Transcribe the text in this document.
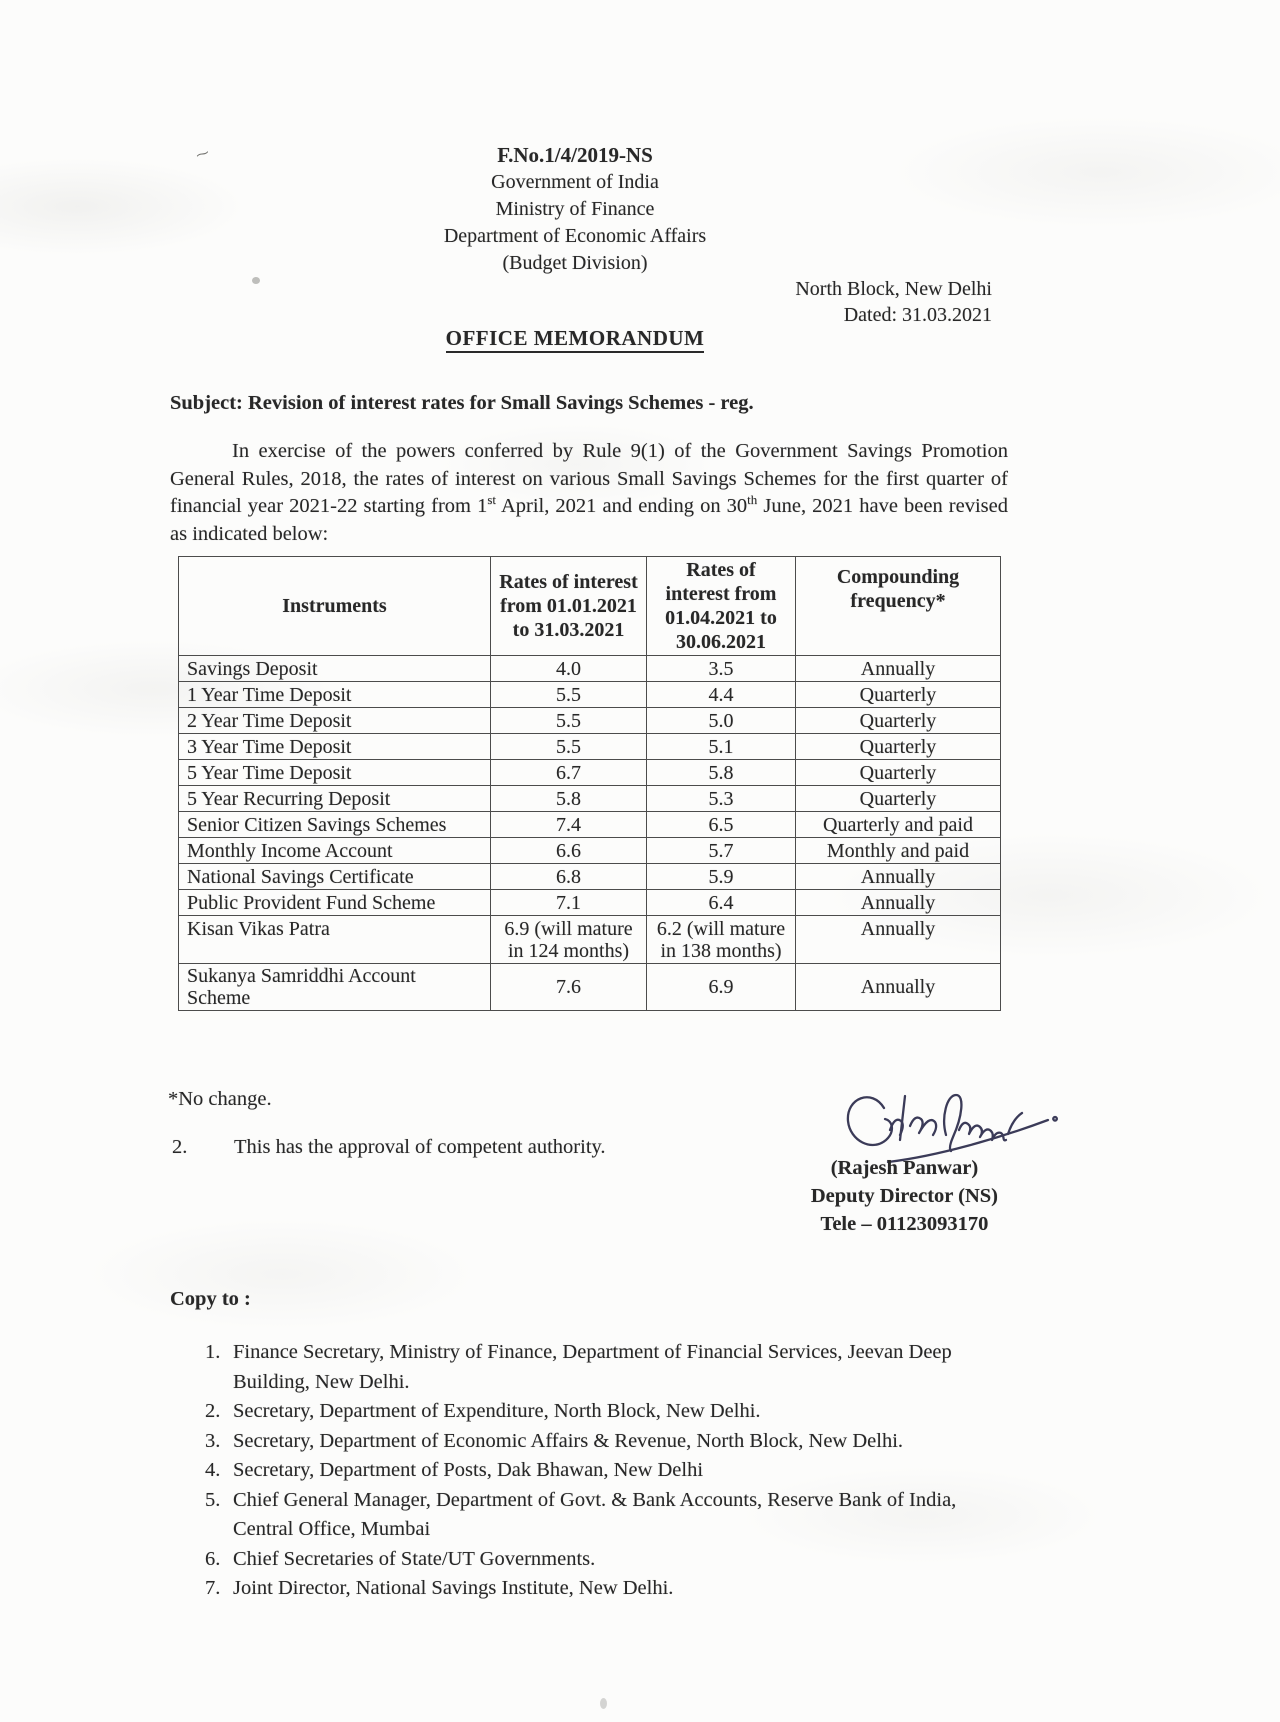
⁓	F.No.1/4/2019-NS
Government of India
Ministry of Finance
Department of Economic Affairs
(Budget Division)
North Block, New Delhi
Dated: 31.03.2021
OFFICE MEMORANDUM
Subject: Revision of interest rates for Small Savings Schemes - reg.
In exercise of the powers conferred by Rule 9(1) of the Government Savings Promotion General Rules, 2018, the rates of interest on various Small Savings Schemes for the first quarter of financial year 2021-22 starting from 1st April, 2021 and ending on 30th June, 2021 have been revised as indicated below:
Instruments	Rates of interest from 01.01.2021 to 31.03.2021	Rates of interest from 01.04.2021 to 30.06.2021	Compounding frequency*
Savings Deposit	4.0	3.5	Annually
1 Year Time Deposit	5.5	4.4	Quarterly
2 Year Time Deposit	5.5	5.0	Quarterly
3 Year Time Deposit	5.5	5.1	Quarterly
5 Year Time Deposit	6.7	5.8	Quarterly
5 Year Recurring Deposit	5.8	5.3	Quarterly
Senior Citizen Savings Schemes	7.4	6.5	Quarterly and paid
Monthly Income Account	6.6	5.7	Monthly and paid
National Savings Certificate	6.8	5.9	Annually
Public Provident Fund Scheme	7.1	6.4	Annually
Kisan Vikas Patra	6.9 (will mature in 124 months)	6.2 (will mature in 138 months)	Annually
Sukanya Samriddhi Account Scheme	7.6	6.9	Annually
*No change.
2. This has the approval of competent authority.
(Rajesh Panwar)
Deputy Director (NS)
Tele – 01123093170
Copy to :
1. Finance Secretary, Ministry of Finance, Department of Financial Services, Jeevan Deep Building, New Delhi.
2. Secretary, Department of Expenditure, North Block, New Delhi.
3. Secretary, Department of Economic Affairs & Revenue, North Block, New Delhi.
4. Secretary, Department of Posts, Dak Bhawan, New Delhi
5. Chief General Manager, Department of Govt. & Bank Accounts, Reserve Bank of India, Central Office, Mumbai
6. Chief Secretaries of State/UT Governments.
7. Joint Director, National Savings Institute, New Delhi.
